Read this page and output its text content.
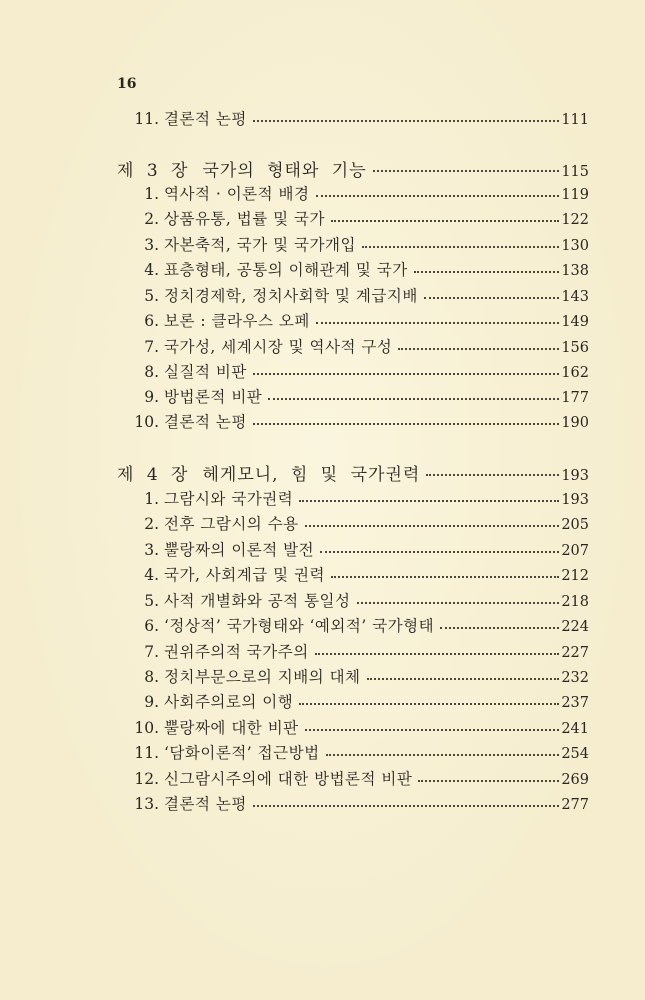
16
11. 결론적 논평	111
제 3 장 국가의 형태와 기능	115
1. 역사적 · 이론적 배경	119
2. 상품유통, 법률 및 국가	122
3. 자본축적, 국가 및 국가개입	130
4. 표층형태, 공통의 이해관계 및 국가	138
5. 정치경제학, 정치사회학 및 계급지배	143
6. 보론 : 클라우스 오페	149
7. 국가성, 세계시장 및 역사적 구성	156
8. 실질적 비판	162
9. 방법론적 비판	177
10. 결론적 논평	190
제 4 장 헤게모니, 힘 및 국가권력	193
1. 그람시와 국가권력	193
2. 전후 그람시의 수용	205
3. 뿔랑짜의 이론적 발전	207
4. 국가, 사회계급 및 권력	212
5. 사적 개별화와 공적 통일성	218
6. ‘정상적’ 국가형태와 ‘예외적’ 국가형태	224
7. 권위주의적 국가주의	227
8. 정치부문으로의 지배의 대체	232
9. 사회주의로의 이행	237
10. 뿔랑짜에 대한 비판	241
11. ‘담화이론적’ 접근방법	254
12. 신그람시주의에 대한 방법론적 비판	269
13. 결론적 논평	277
